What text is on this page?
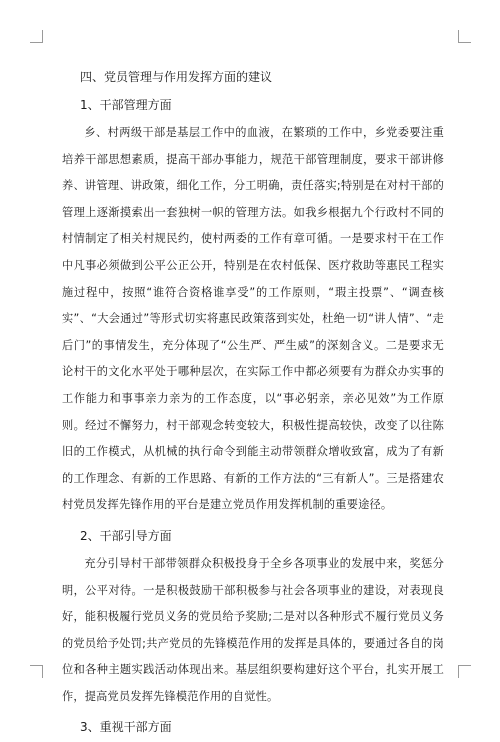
四、党员管理与作用发挥方面的建议
1、干部管理方面

乡、村两级干部是基层工作中的血液，在繁琐的工作中，乡党委要注重培养干部思想素质，提高干部办事能力，规范干部管理制度，要求干部讲修养、讲管理、讲政策，细化工作，分工明确，责任落实;特别是在对村干部的管理上逐渐摸索出一套独树一帜的管理方法。如我乡根据九个行政村不同的村情制定了相关村规民约，使村两委的工作有章可循。一是要求村干在工作中凡事必须做到公平公正公开，特别是在农村低保、医疗救助等惠民工程实施过程中，按照“谁符合资格谁享受”的工作原则，“瑕主投票”、“调查核实”、“大会通过”等形式切实将惠民政策落到实处，杜绝一切“讲人情”、“走后门”的事情发生，充分体现了“公生严、严生威”的深刻含义。二是要求无论村干的文化水平处于哪种层次，在实际工作中都必须要有为群众办实事的工作能力和事事亲力亲为的工作态度，以“事必躬亲，亲必见效”为工作原则。经过不懈努力，村干部观念转变较大，积极性提高较快，改变了以往陈旧的工作模式，从机械的执行命令到能主动带领群众增收致富，成为了有新的工作理念、有新的工作思路、有新的工作方法的“三有新人”。三是搭建农村党员发挥先锋作用的平台是建立党员作用发挥机制的重要途径。

2、干部引导方面

充分引导村干部带领群众积极投身于全乡各项事业的发展中来，奖惩分明，公平对待。一是积极鼓励干部积极参与社会各项事业的建设，对表现良好，能积极履行党员义务的党员给予奖励;二是对以各种形式不履行党员义务的党员给予处罚;共产党员的先锋模范作用的发挥是具体的，要通过各自的岗位和各种主题实践活动体现出来。基层组织要构建好这个平台，扎实开展工作，提高党员发挥先锋模范作用的自觉性。

3、重视干部方面
